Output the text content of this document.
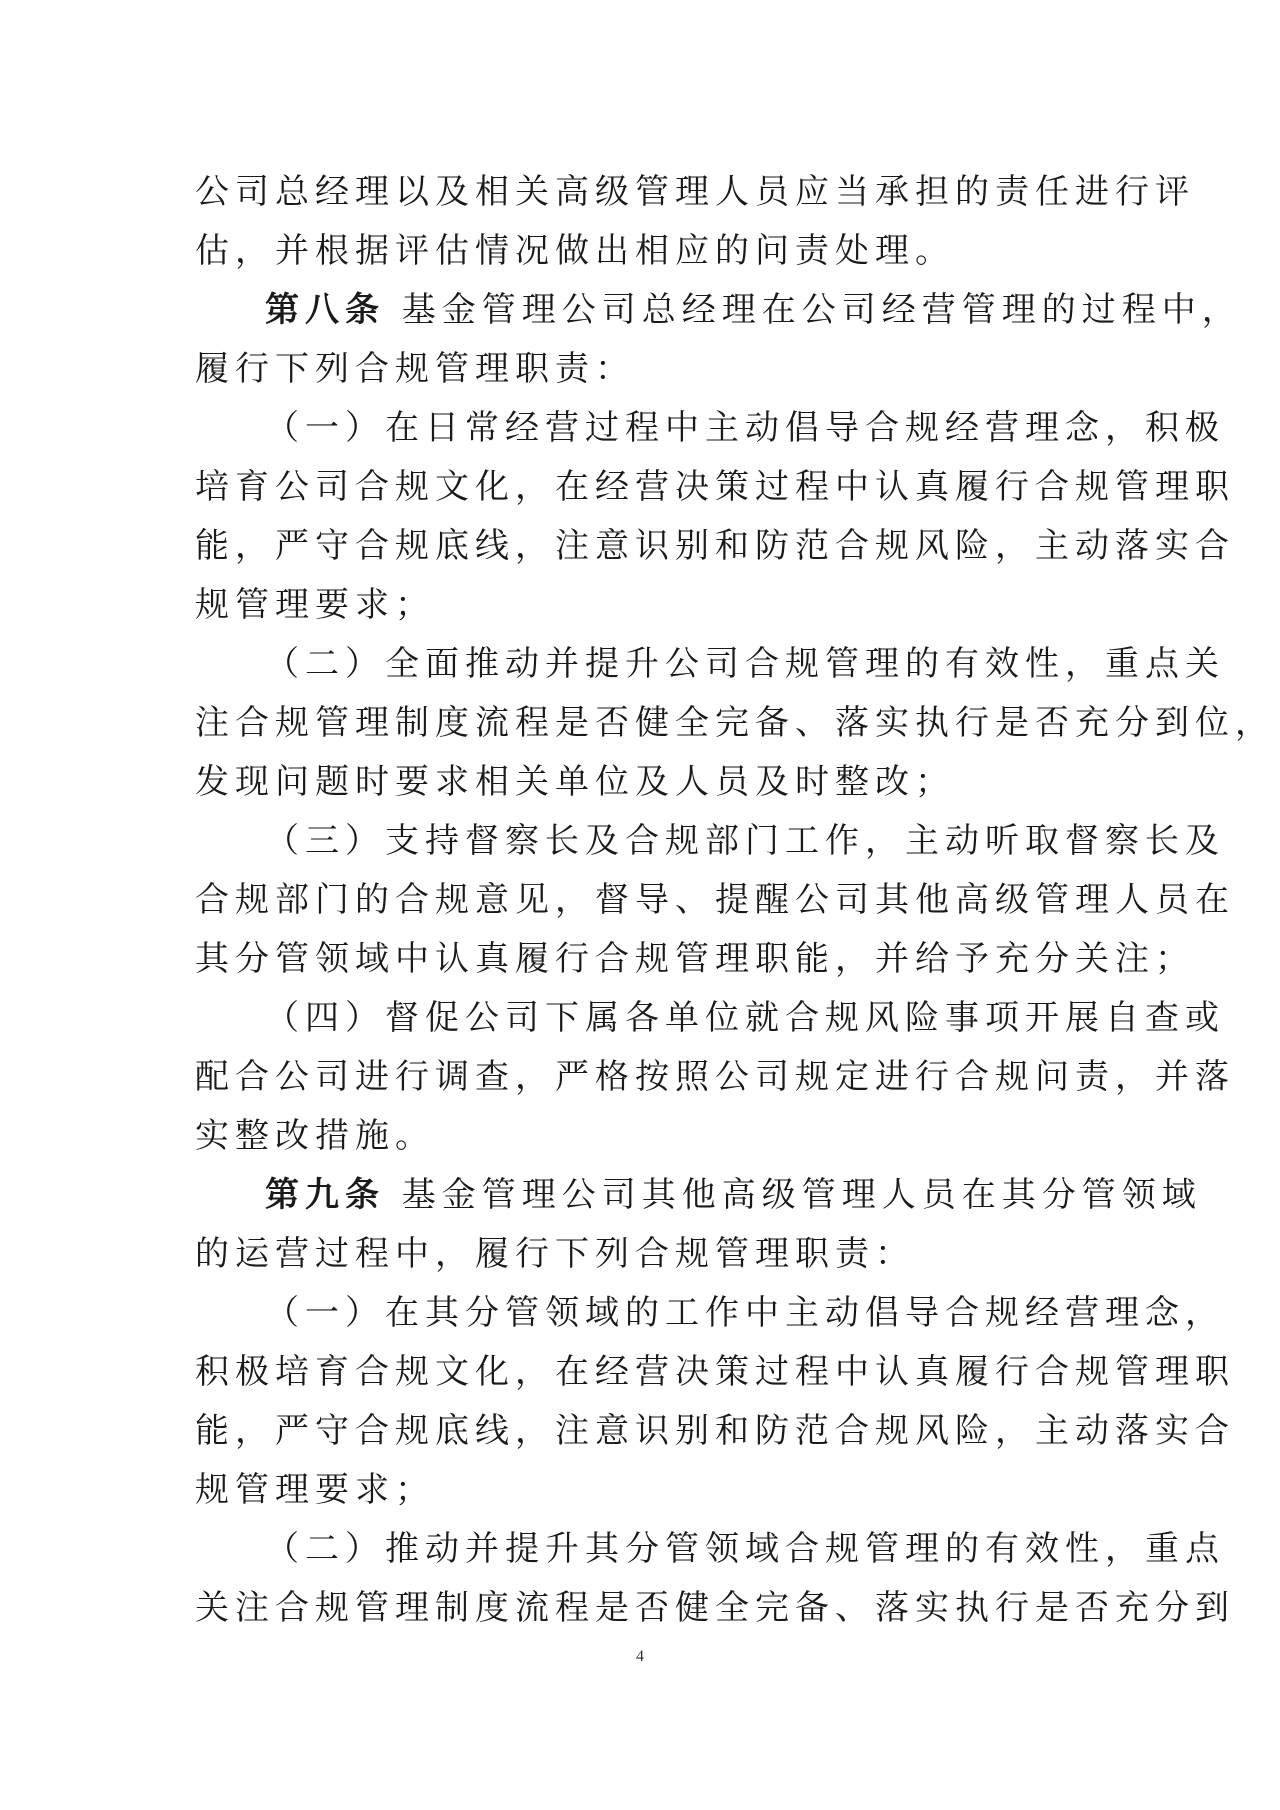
公司总经理以及相关高级管理人员应当承担的责任进行评
估，并根据评估情况做出相应的问责处理。
第八条 基金管理公司总经理在公司经营管理的过程中，
履行下列合规管理职责：
（一）在日常经营过程中主动倡导合规经营理念，积极
培育公司合规文化，在经营决策过程中认真履行合规管理职
能，严守合规底线，注意识别和防范合规风险，主动落实合
规管理要求；
（二）全面推动并提升公司合规管理的有效性，重点关
注合规管理制度流程是否健全完备、落实执行是否充分到位，
发现问题时要求相关单位及人员及时整改；
（三）支持督察长及合规部门工作，主动听取督察长及
合规部门的合规意见，督导、提醒公司其他高级管理人员在
其分管领域中认真履行合规管理职能，并给予充分关注；
（四）督促公司下属各单位就合规风险事项开展自查或
配合公司进行调查，严格按照公司规定进行合规问责，并落
实整改措施。
第九条 基金管理公司其他高级管理人员在其分管领域
的运营过程中，履行下列合规管理职责：
（一）在其分管领域的工作中主动倡导合规经营理念，
积极培育合规文化，在经营决策过程中认真履行合规管理职
能，严守合规底线，注意识别和防范合规风险，主动落实合
规管理要求；
（二）推动并提升其分管领域合规管理的有效性，重点
关注合规管理制度流程是否健全完备、落实执行是否充分到
4
